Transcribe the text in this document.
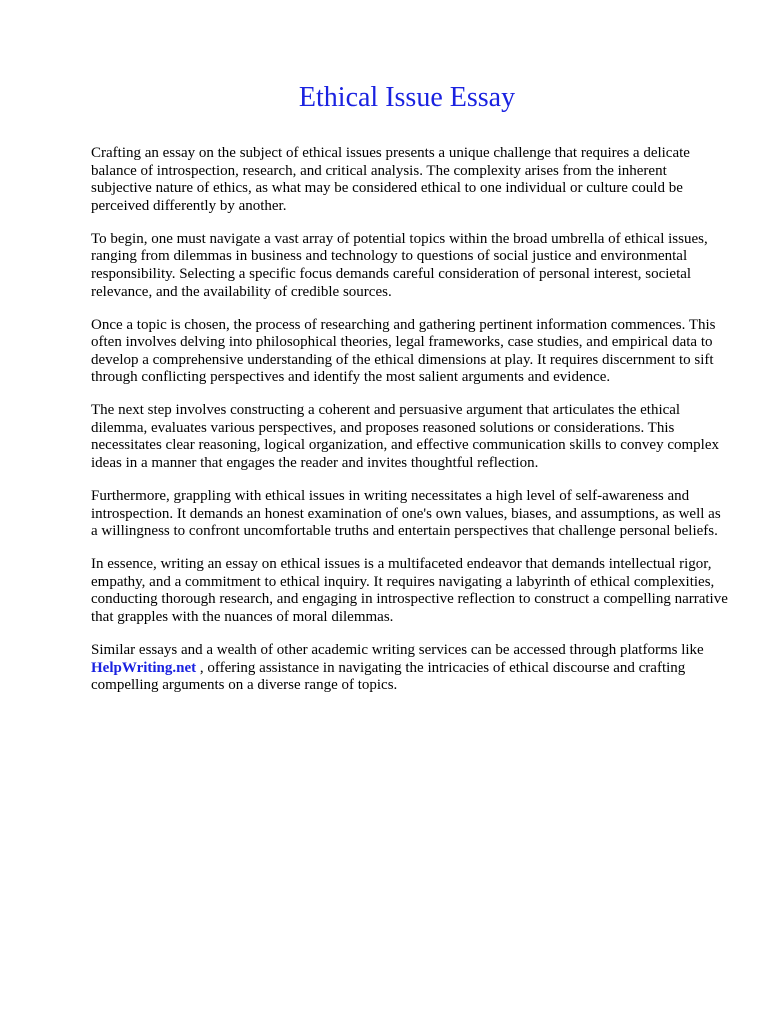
Ethical Issue Essay

Crafting an essay on the subject of ethical issues presents a unique challenge that requires a delicate balance of introspection, research, and critical analysis. The complexity arises from the inherent subjective nature of ethics, as what may be considered ethical to one individual or culture could be perceived differently by another.

To begin, one must navigate a vast array of potential topics within the broad umbrella of ethical issues, ranging from dilemmas in business and technology to questions of social justice and environmental responsibility. Selecting a specific focus demands careful consideration of personal interest, societal relevance, and the availability of credible sources.

Once a topic is chosen, the process of researching and gathering pertinent information commences. This often involves delving into philosophical theories, legal frameworks, case studies, and empirical data to develop a comprehensive understanding of the ethical dimensions at play. It requires discernment to sift through conflicting perspectives and identify the most salient arguments and evidence.

The next step involves constructing a coherent and persuasive argument that articulates the ethical dilemma, evaluates various perspectives, and proposes reasoned solutions or considerations. This necessitates clear reasoning, logical organization, and effective communication skills to convey complex ideas in a manner that engages the reader and invites thoughtful reflection.

Furthermore, grappling with ethical issues in writing necessitates a high level of self-awareness and introspection. It demands an honest examination of one's own values, biases, and assumptions, as well as a willingness to confront uncomfortable truths and entertain perspectives that challenge personal beliefs.

In essence, writing an essay on ethical issues is a multifaceted endeavor that demands intellectual rigor, empathy, and a commitment to ethical inquiry. It requires navigating a labyrinth of ethical complexities, conducting thorough research, and engaging in introspective reflection to construct a compelling narrative that grapples with the nuances of moral dilemmas.

Similar essays and a wealth of other academic writing services can be accessed through platforms like HelpWriting.net , offering assistance in navigating the intricacies of ethical discourse and crafting compelling arguments on a diverse range of topics.
